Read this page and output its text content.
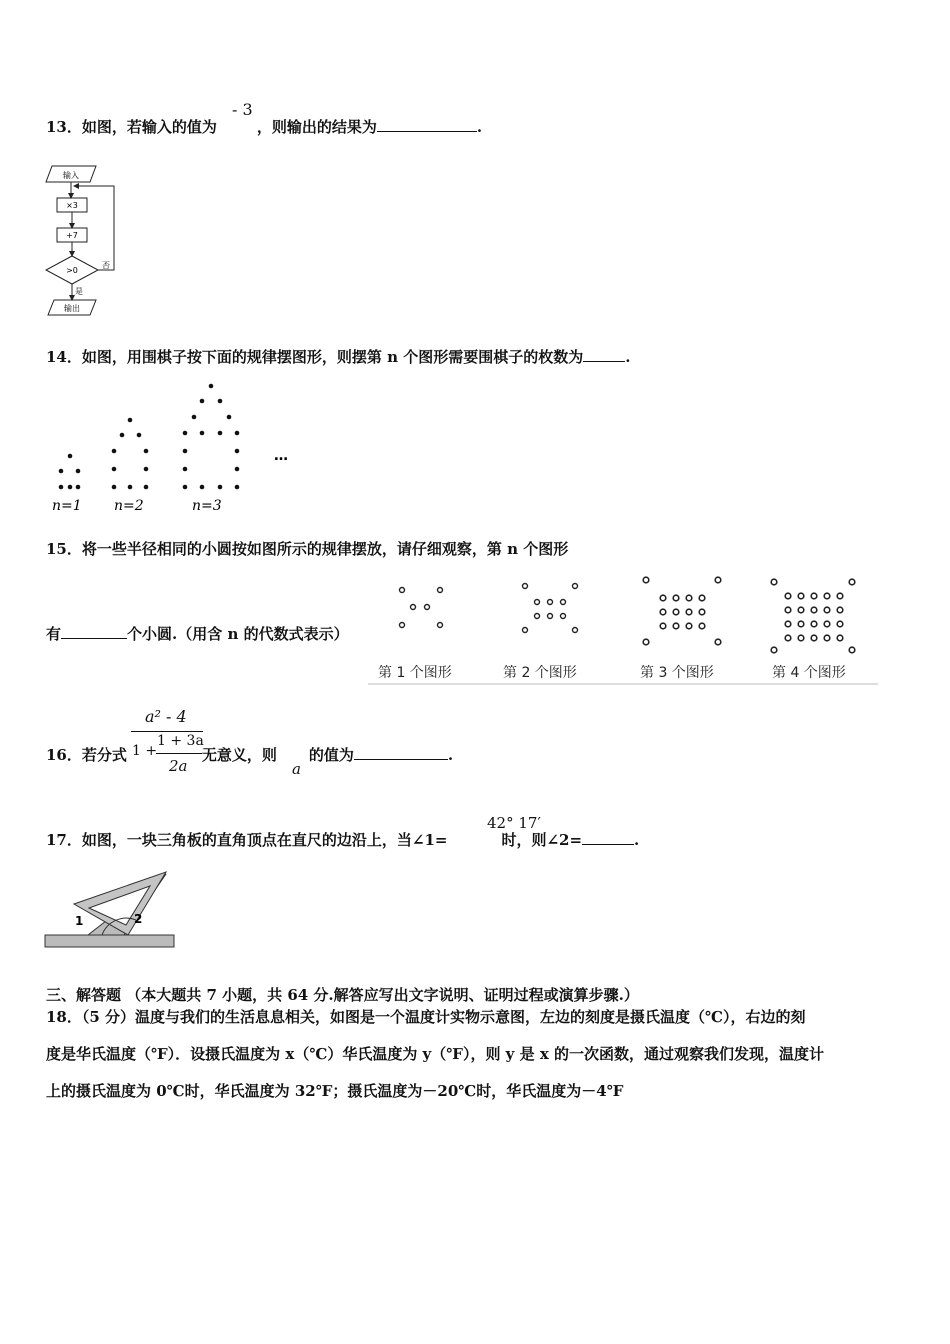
13．如图，若输入的值为	，则输出的结果为	.
- 3
输入
×3
+7
>0
否
是
输出
14．如图，用围棋子按下面的规律摆图形，则摆第 n 个图形需要围棋子的枚数为	.
…
n=1 n=2	n=3
15．将一些半径相同的小圆按如图所示的规律摆放，请仔细观察，第 n 个图形
有	个小圆.（用含 n 的代数式表示）
第 1 个图形	第 2 个图形	第 3 个图形	第 4 个图形
16．若分式	无意义，则 的值为	.
a² - 4
1 +
1 + 3a
2a	a
17．如图，一块三角板的直角顶点在直尺的边沿上，当∠1=	时，则∠2=	.
42° 17′
1	2
三、解答题 （本大题共 7 小题，共 64 分.解答应写出文字说明、证明过程或演算步骤.）
18．（5 分）温度与我们的生活息息相关，如图是一个温度计实物示意图，左边的刻度是摄氏温度（℃），右边的刻
度是华氏温度（℉）．设摄氏温度为 x（℃）华氏温度为 y（℉），则 y 是 x 的一次函数，通过观察我们发现，温度计
上的摄氏温度为 0℃时，华氏温度为 32℉；摄氏温度为－20℃时，华氏温度为－4℉
